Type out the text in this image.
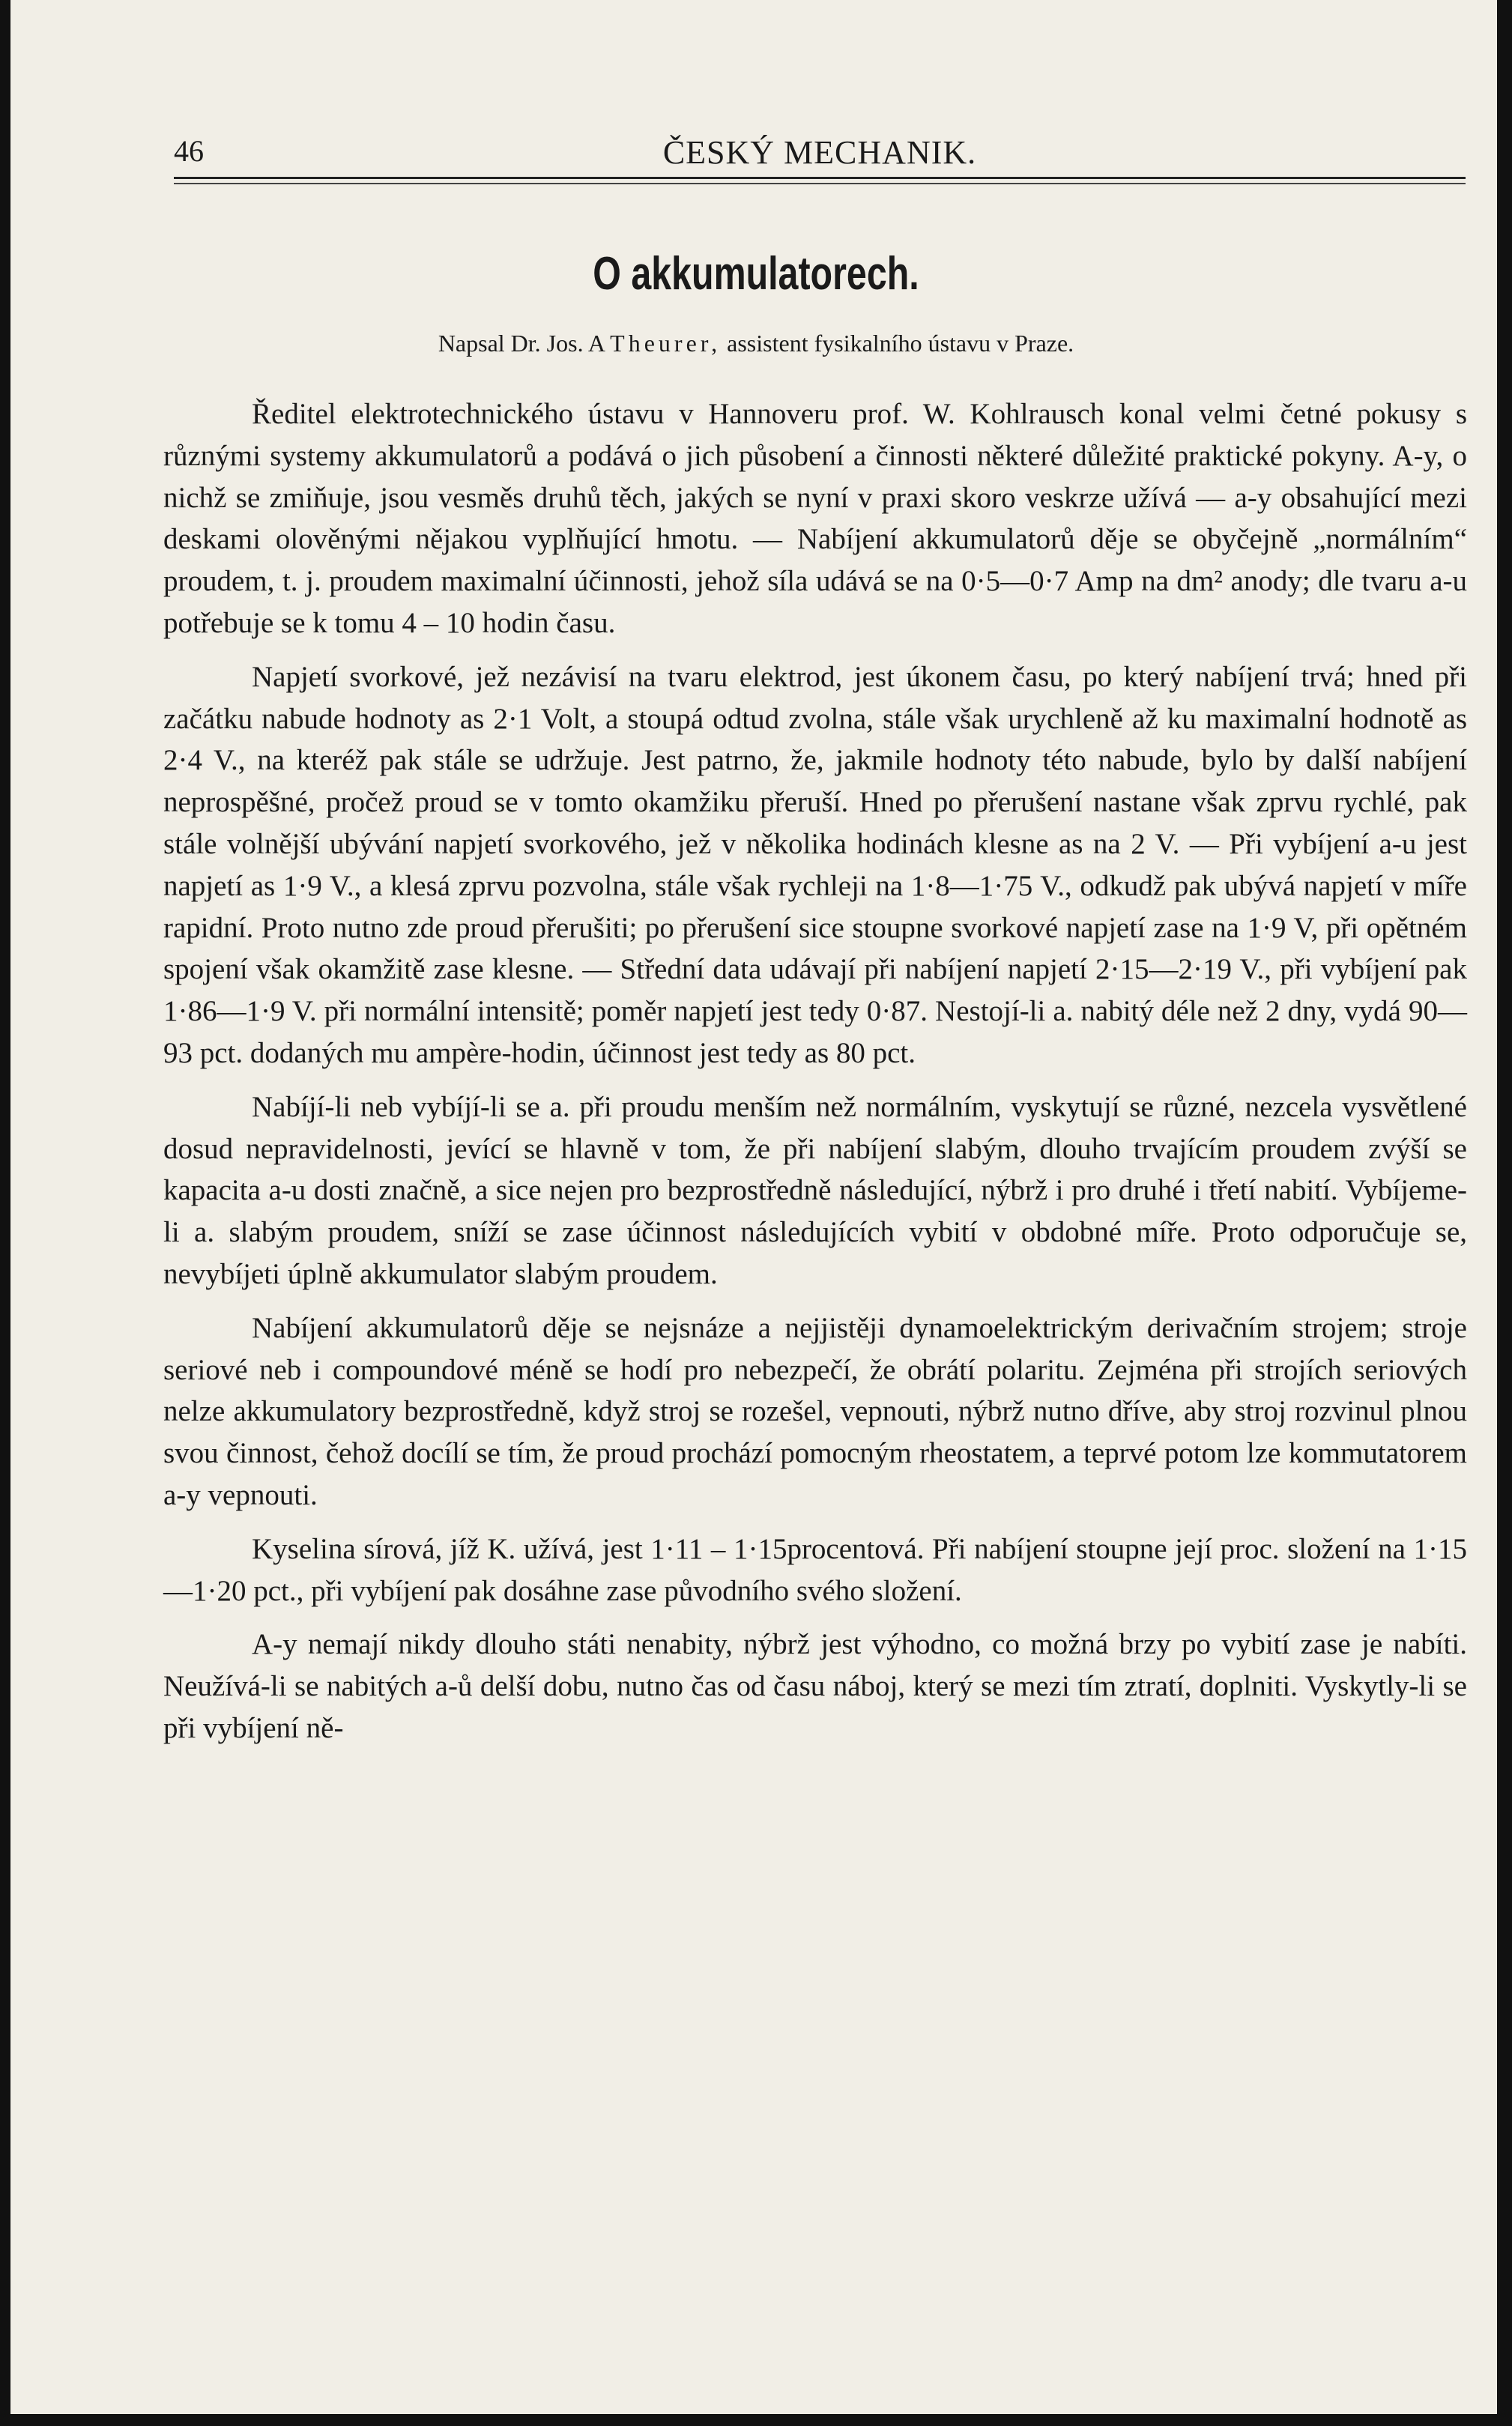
46	ČESKÝ MECHANIK.
O akkumulatorech.
Napsal Dr. Jos. A Theurer, assistent fysikalního ústavu v Praze.

Ředitel elektrotechnického ústavu v Hannoveru prof. W. Kohlrausch konal velmi četné pokusy s různými systemy akkumulatorů a podává o jich působení a činnosti některé důležité praktické pokyny. A-y, o nichž se zmiňuje, jsou vesměs druhů těch, jakých se nyní v praxi skoro veskrze užívá — a-y obsahující mezi deskami olověnými nějakou vyplňující hmotu. — Nabíjení akkumulatorů děje se obyčejně „normálním“ proudem, t. j. proudem maximalní účinnosti, jehož síla udává se na 0·5—0·7 Amp na dm² anody; dle tvaru a-u potřebuje se k tomu 4 – 10 hodin času.

Napjetí svorkové, jež nezávisí na tvaru elektrod, jest úkonem času, po který nabíjení trvá; hned při začátku nabude hodnoty as 2·1 Volt, a stoupá odtud zvolna, stále však urychleně až ku maximalní hodnotě as 2·4 V., na kteréž pak stále se udržuje. Jest patrno, že, jakmile hodnoty této nabude, bylo by další nabíjení neprospěšné, pročež proud se v tomto okamžiku přeruší. Hned po přerušení nastane však zprvu rychlé, pak stále volnější ubývání napjetí svorkového, jež v několika hodinách klesne as na 2 V. — Při vybíjení a-u jest napjetí as 1·9 V., a klesá zprvu pozvolna, stále však rychleji na 1·8—1·75 V., odkudž pak ubývá napjetí v míře rapidní. Proto nutno zde proud přerušiti; po přerušení sice stoupne svorkové napjetí zase na 1·9 V, při opětném spojení však okamžitě zase klesne. — Střední data udávají při nabíjení napjetí 2·15—2·19 V., při vybíjení pak 1·86—1·9 V. při normální intensitě; poměr napjetí jest tedy 0·87. Nestojí-li a. nabitý déle než 2 dny, vydá 90—93 pct. dodaných mu ampère-hodin, účinnost jest tedy as 80 pct.

Nabíjí-li neb vybíjí-li se a. při proudu menším než normálním, vyskytují se různé, nezcela vysvětlené dosud nepravidelnosti, jevící se hlavně v tom, že při nabíjení slabým, dlouho trvajícím proudem zvýší se kapacita a-u dosti značně, a sice nejen pro bezprostředně následující, nýbrž i pro druhé i třetí nabití. Vybíjeme-li a. slabým proudem, sníží se zase účinnost následujících vybití v obdobné míře. Proto odporučuje se, nevybíjeti úplně akkumulator slabým proudem.

Nabíjení akkumulatorů děje se nejsnáze a nejjistěji dynamoelektrickým derivačním strojem; stroje seriové neb i compoundové méně se hodí pro nebezpečí, že obrátí polaritu. Zejména při strojích seriových nelze akkumulatory bezprostředně, když stroj se rozešel, vepnouti, nýbrž nutno dříve, aby stroj rozvinul plnou svou činnost, čehož docílí se tím, že proud prochází pomocným rheostatem, a teprvé potom lze kommutatorem a-y vepnouti.

Kyselina sírová, jíž K. užívá, jest 1·11 – 1·15procentová. Při nabíjení stoupne její proc. složení na 1·15—1·20 pct., při vybíjení pak dosáhne zase původního svého složení.

A-y nemají nikdy dlouho státi nenabity, nýbrž jest výhodno, co možná brzy po vybití zase je nabíti. Neužívá-li se nabitých a-ů delší dobu, nutno čas od času náboj, který se mezi tím ztratí, doplniti. Vyskytly-li se při vybíjení ně-
